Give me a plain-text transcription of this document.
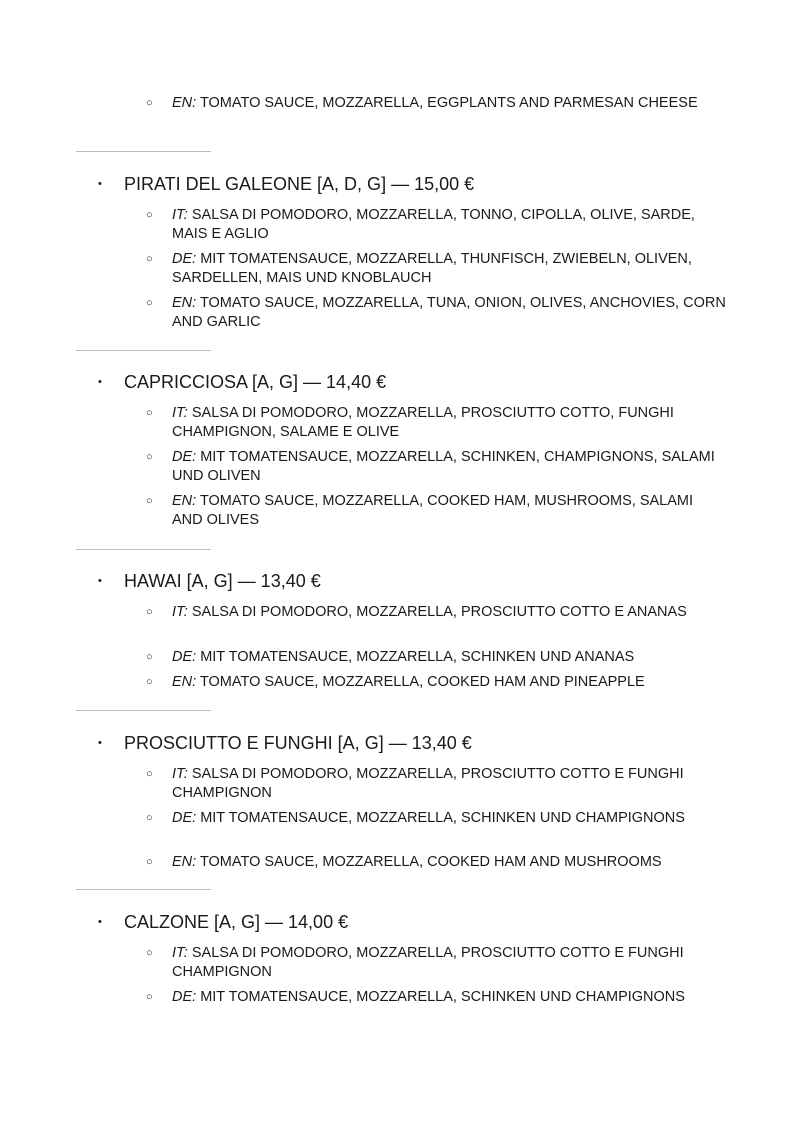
○ EN: TOMATO SAUCE, MOZZARELLA, EGGPLANTS AND PARMESAN CHEESE
• PIRATI DEL GALEONE [A, D, G] — 15,00 €
○ IT: SALSA DI POMODORO, MOZZARELLA, TONNO, CIPOLLA, OLIVE, SARDE, MAIS E AGLIO
○ DE: MIT TOMATENSAUCE, MOZZARELLA, THUNFISCH, ZWIEBELN, OLIVEN, SARDELLEN, MAIS UND KNOBLAUCH
○ EN: TOMATO SAUCE, MOZZARELLA, TUNA, ONION, OLIVES, ANCHOVIES, CORN AND GARLIC
• CAPRICCIOSA [A, G] — 14,40 €
○ IT: SALSA DI POMODORO, MOZZARELLA, PROSCIUTTO COTTO, FUNGHI CHAMPIGNON, SALAME E OLIVE
○ DE: MIT TOMATENSAUCE, MOZZARELLA, SCHINKEN, CHAMPIGNONS, SALAMI UND OLIVEN
○ EN: TOMATO SAUCE, MOZZARELLA, COOKED HAM, MUSHROOMS, SALAMI AND OLIVES
• HAWAI [A, G] — 13,40 €
○ IT: SALSA DI POMODORO, MOZZARELLA, PROSCIUTTO COTTO E ANANAS
○ DE: MIT TOMATENSAUCE, MOZZARELLA, SCHINKEN UND ANANAS
○ EN: TOMATO SAUCE, MOZZARELLA, COOKED HAM AND PINEAPPLE
• PROSCIUTTO E FUNGHI [A, G] — 13,40 €
○ IT: SALSA DI POMODORO, MOZZARELLA, PROSCIUTTO COTTO E FUNGHI CHAMPIGNON
○ DE: MIT TOMATENSAUCE, MOZZARELLA, SCHINKEN UND CHAMPIGNONS
○ EN: TOMATO SAUCE, MOZZARELLA, COOKED HAM AND MUSHROOMS
• CALZONE [A, G] — 14,00 €
○ IT: SALSA DI POMODORO, MOZZARELLA, PROSCIUTTO COTTO E FUNGHI CHAMPIGNON
○ DE: MIT TOMATENSAUCE, MOZZARELLA, SCHINKEN UND CHAMPIGNONS
